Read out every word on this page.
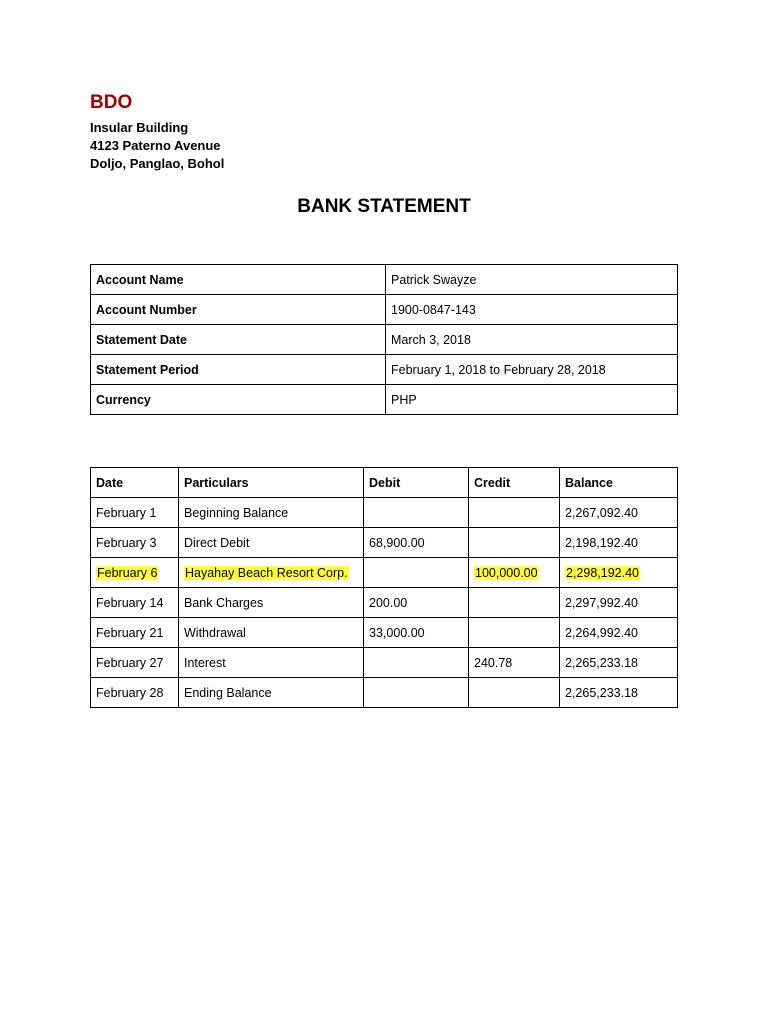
BDO
Insular Building
4123 Paterno Avenue
Doljo, Panglao, Bohol
BANK STATEMENT
Account Name	Patrick Swayze
Account Number	1900-0847-143
Statement Date	March 3, 2018
Statement Period	February 1, 2018 to February 28, 2018
Currency	PHP
Date	Particulars	Debit	Credit	Balance
February 1	Beginning Balance			2,267,092.40
February 3	Direct Debit	68,900.00		2,198,192.40
February 6	Hayahay Beach Resort Corp.		100,000.00	2,298,192.40
February 14	Bank Charges	200.00		2,297,992.40
February 21	Withdrawal	33,000.00		2,264,992.40
February 27	Interest		240.78	2,265,233.18
February 28	Ending Balance			2,265,233.18
